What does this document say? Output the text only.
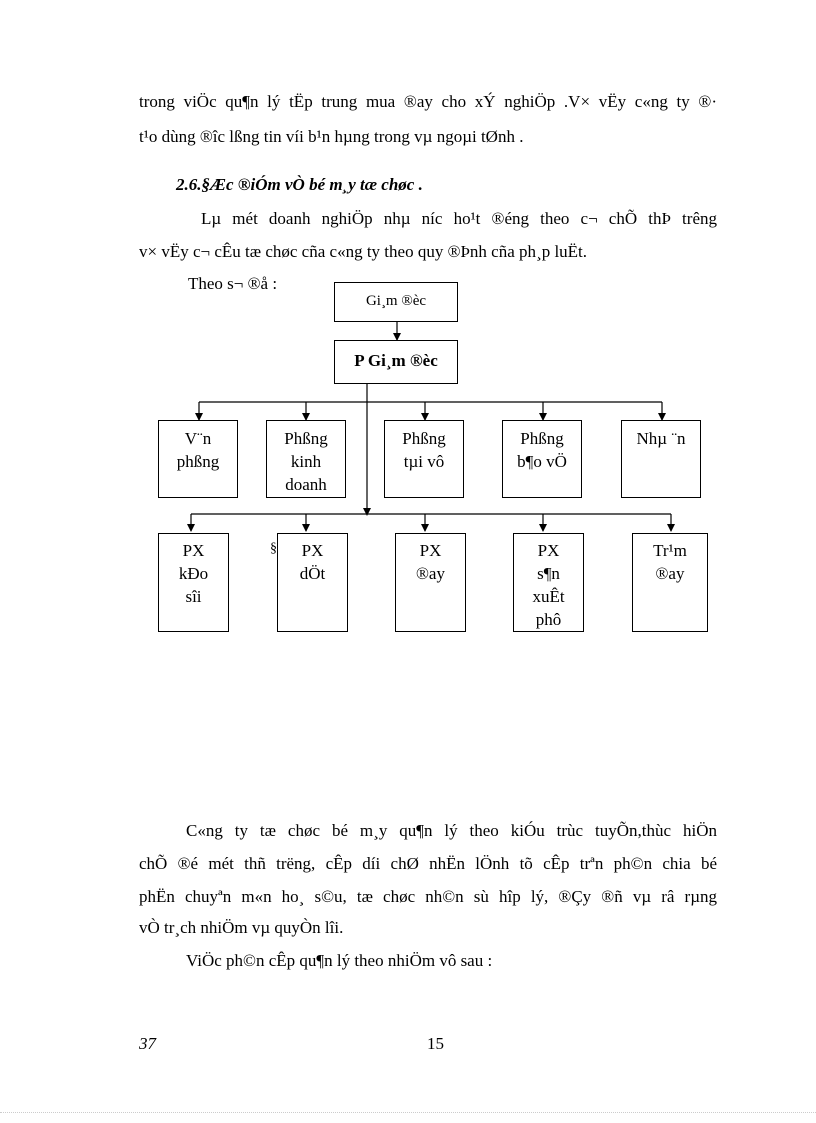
trong viÖc qu¶n lý tËp trung mua ®ay cho xÝ nghiÖp .V× vËy c«ng ty ®·
t¹o dùng ®îc lßng tin víi b¹n hµng trong vµ ngoµi tØnh .
2.6.§Æc ®iÓm vÒ bé m¸y tæ chøc .
Lµ mét doanh nghiÖp nhµ níc ho¹t ®éng theo c¬ chÕ thÞ trêng
v× vËy c¬ cÊu tæ chøc cña c«ng ty theo quy ®Þnh cña ph¸p luËt.
Theo s¬ ®å :
Gi¸m ®èc
P Gi¸m ®èc
V¨n
phßng
Phßng
kinh
doanh
Phßng
tµi vô
Phßng
b¶o vÖ
Nhµ ¨n
PX
kÐo
sîi
§	PX
dÖt
PX
®ay
PX
s¶n
xuÊt
phô
Tr¹m
®ay
C«ng ty tæ chøc bé m¸y qu¶n lý theo kiÓu trùc tuyÕn,thùc hiÖn
chÕ ®é mét thñ trëng, cÊp díi chØ nhËn lÖnh tõ cÊp trªn ph©n chia bé
phËn chuyªn m«n ho¸ s©u, tæ chøc nh©n sù hîp lý, ®Çy ®ñ vµ râ rµng
vÒ tr¸ch nhiÖm vµ quyÒn lîi.
ViÖc ph©n cÊp qu¶n lý theo nhiÖm vô sau :
37	15
